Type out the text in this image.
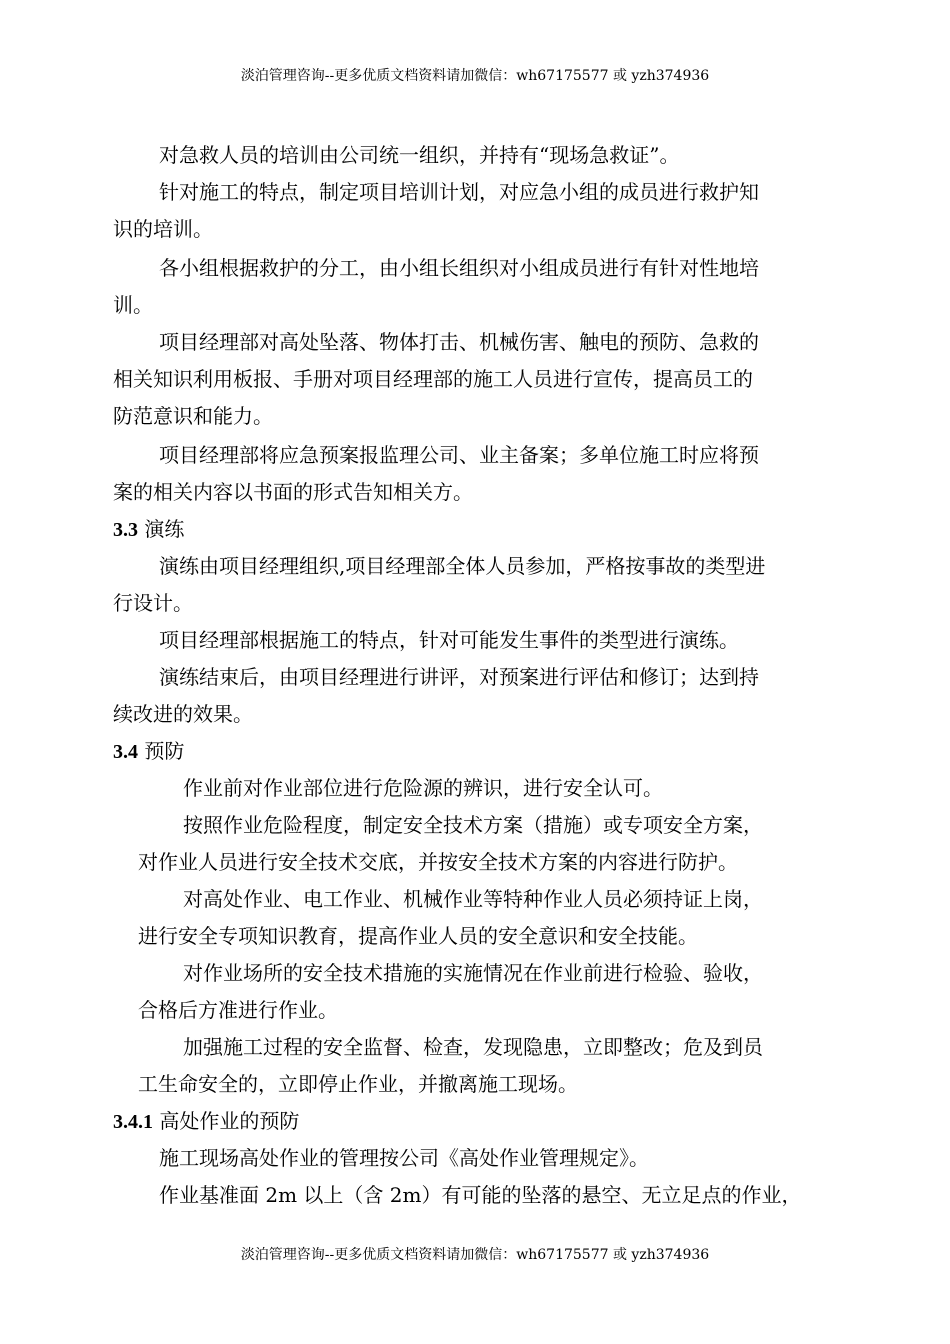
淡泊管理咨询--更多优质文档资料请加微信：wh67175577 或 yzh374936
对急救人员的培训由公司统一组织，并持有“现场急救证”。
针对施工的特点，制定项目培训计划，对应急小组的成员进行救护知
识的培训。
各小组根据救护的分工，由小组长组织对小组成员进行有针对性地培
训。
项目经理部对高处坠落、物体打击、机械伤害、触电的预防、急救的
相关知识利用板报、手册对项目经理部的施工人员进行宣传，提高员工的
防范意识和能力。
项目经理部将应急预案报监理公司、业主备案；多单位施工时应将预
案的相关内容以书面的形式告知相关方。
3.3 演练
演练由项目经理组织,项目经理部全体人员参加，严格按事故的类型进
行设计。
项目经理部根据施工的特点，针对可能发生事件的类型进行演练。
演练结束后，由项目经理进行讲评，对预案进行评估和修订；达到持
续改进的效果。
3.4 预防
作业前对作业部位进行危险源的辨识，进行安全认可。
按照作业危险程度，制定安全技术方案（措施）或专项安全方案，
对作业人员进行安全技术交底，并按安全技术方案的内容进行防护。
对高处作业、电工作业、机械作业等特种作业人员必须持证上岗，
进行安全专项知识教育，提高作业人员的安全意识和安全技能。
对作业场所的安全技术措施的实施情况在作业前进行检验、验收，
合格后方准进行作业。
加强施工过程的安全监督、检查，发现隐患，立即整改；危及到员
工生命安全的，立即停止作业，并撤离施工现场。
3.4.1 高处作业的预防
施工现场高处作业的管理按公司《高处作业管理规定》。
作业基准面 2m 以上（含 2m）有可能的坠落的悬空、无立足点的作业，
淡泊管理咨询--更多优质文档资料请加微信：wh67175577 或 yzh374936
